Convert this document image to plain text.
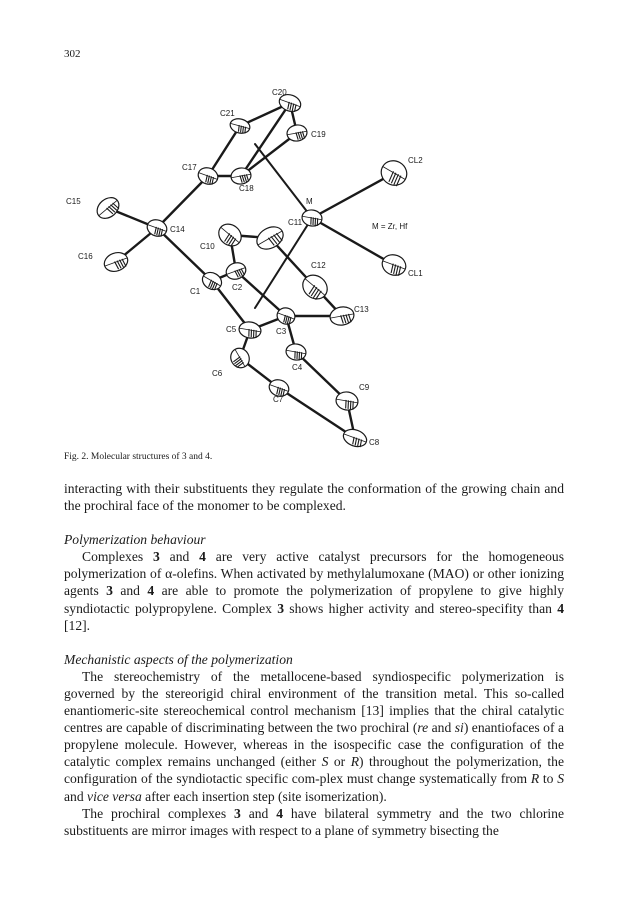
302
C20
C21
C19
C17
C18
CL2
C15
C14
M
C11
C10
C16
C12
CL1
C1	C2
C13
C5	C3
C6
C4
C9
C7
C8
M = Zr, Hf
Fig. 2. Molecular structures of 3 and 4.

interacting with their substituents they regulate the conformation of the growing chain and the prochiral face of the monomer to be complexed.

Polymerization behaviour

Complexes 3 and 4 are very active catalyst precursors for the homogeneous polymerization of α-olefins. When activated by methylalumoxane (MAO) or other ionizing agents 3 and 4 are able to promote the polymerization of propylene to give highly syndiotactic polypropylene. Complex 3 shows higher activity and stereo-specifity than 4 [12].

Mechanistic aspects of the polymerization

The stereochemistry of the metallocene-based syndiospecific polymerization is governed by the stereorigid chiral environment of the transition metal. This so-called enantiomeric-site stereochemical control mechanism [13] implies that the chiral catalytic centres are capable of discriminating between the two prochiral (re and si) enantiofaces of a propylene molecule. However, whereas in the isospecific case the configuration of the catalytic complex remains unchanged (either S or R) throughout the polymerization, the configuration of the syndiotactic specific com-plex must change systematically from R to S and vice versa after each insertion step (site isomerization).

The prochiral complexes 3 and 4 have bilateral symmetry and the two chlorine substituents are mirror images with respect to a plane of symmetry bisecting the
